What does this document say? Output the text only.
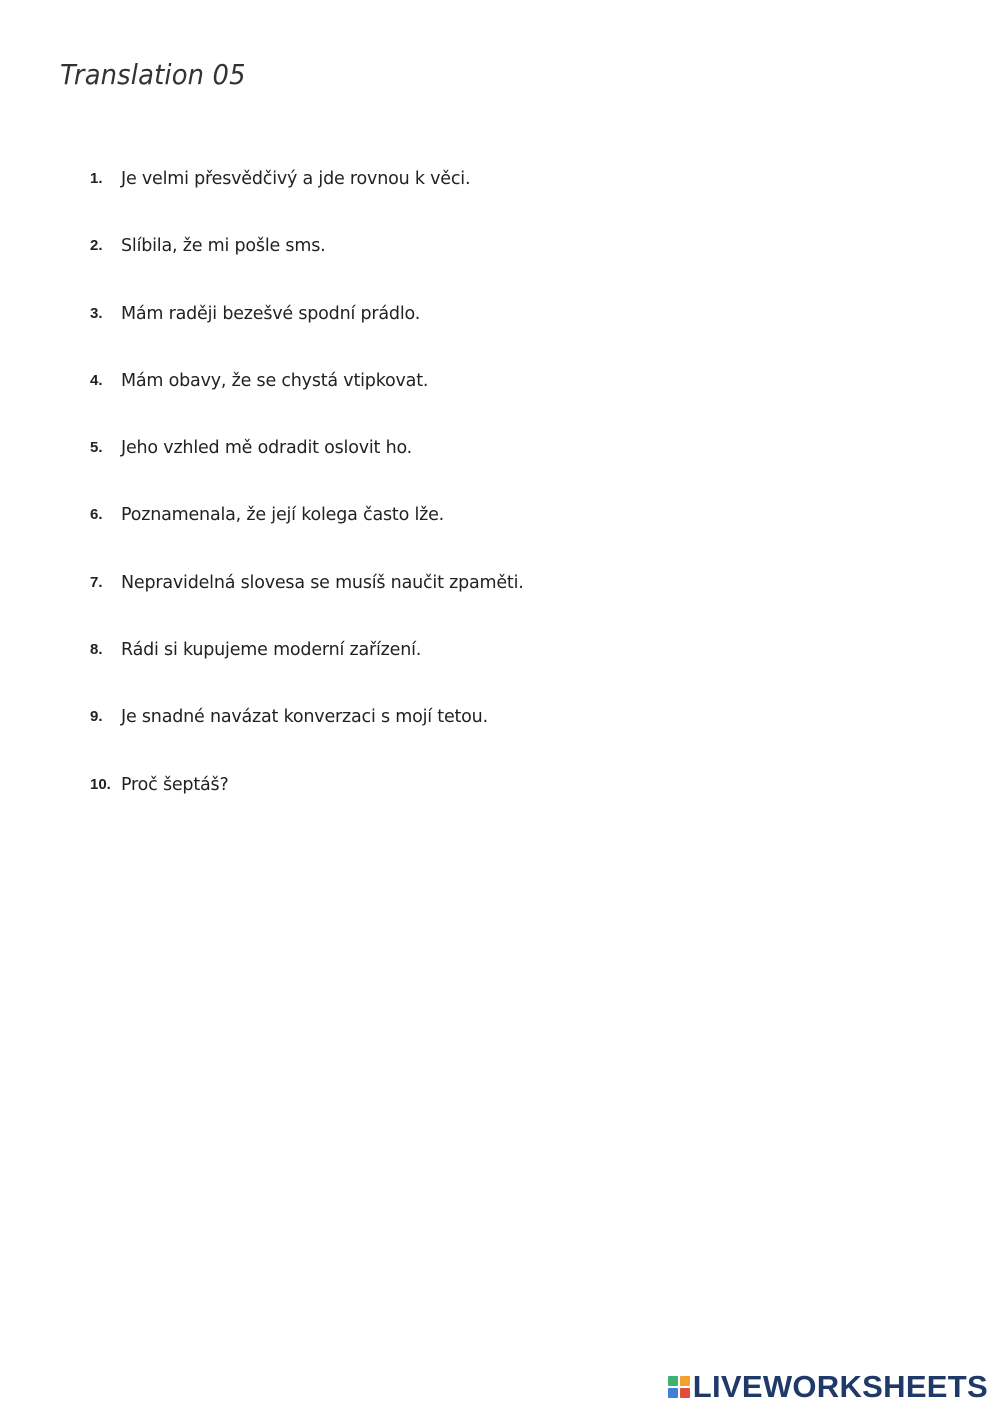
Translation 05
1.	Je velmi přesvědčivý a jde rovnou k věci.
2.	Slíbila, že mi pošle sms.
3.	Mám raději bezešvé spodní prádlo.
4.	Mám obavy, že se chystá vtipkovat.
5.	Jeho vzhled mě odradit oslovit ho.
6.	Poznamenala, že její kolega často lže.
7.	Nepravidelná slovesa se musíš naučit zpaměti.
8.	Rádi si kupujeme moderní zařízení.
9.	Je snadné navázat konverzaci s mojí tetou.
10. Proč šeptáš?
LIVEWORKSHEETS
